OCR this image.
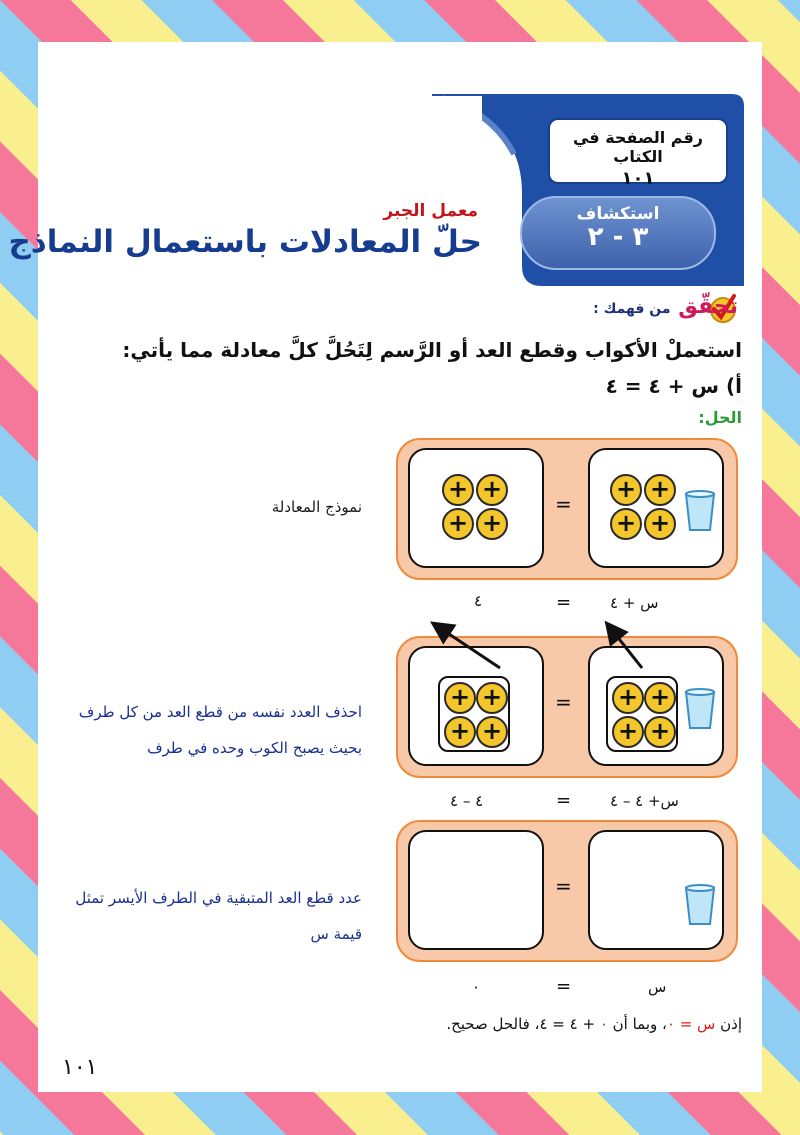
رقم الصفحة في الكتاب
١٠١
استكشاف
٣ - ٢
معمل الجبر
حلّ المعادلات باستعمال النماذج
تحقّق من فهمك :
استعملْ الأكواب وقطع العد أو الرَّسم لِتَحُلَّ كلَّ معادلة مما يأتي:
أ) س + ٤ = ٤
الحل:
+ +
+ +
=
+ +
+ +
نموذج المعادلة
س + ٤
=
٤
+ +
+ +
= + +
+ +
احذف العدد نفسه من قطع العد من كل طرف بحيث يصبح الكوب وحده في طرف
س+ ٤ – ٤
=
٤ – ٤
=
عدد قطع العد المتبقية في الطرف الأيسر تمثل قيمة س
س
=
٠
إذن س = ٠، وبما أن ٠ + ٤ = ٤، فالحل صحيح.
١٠١
